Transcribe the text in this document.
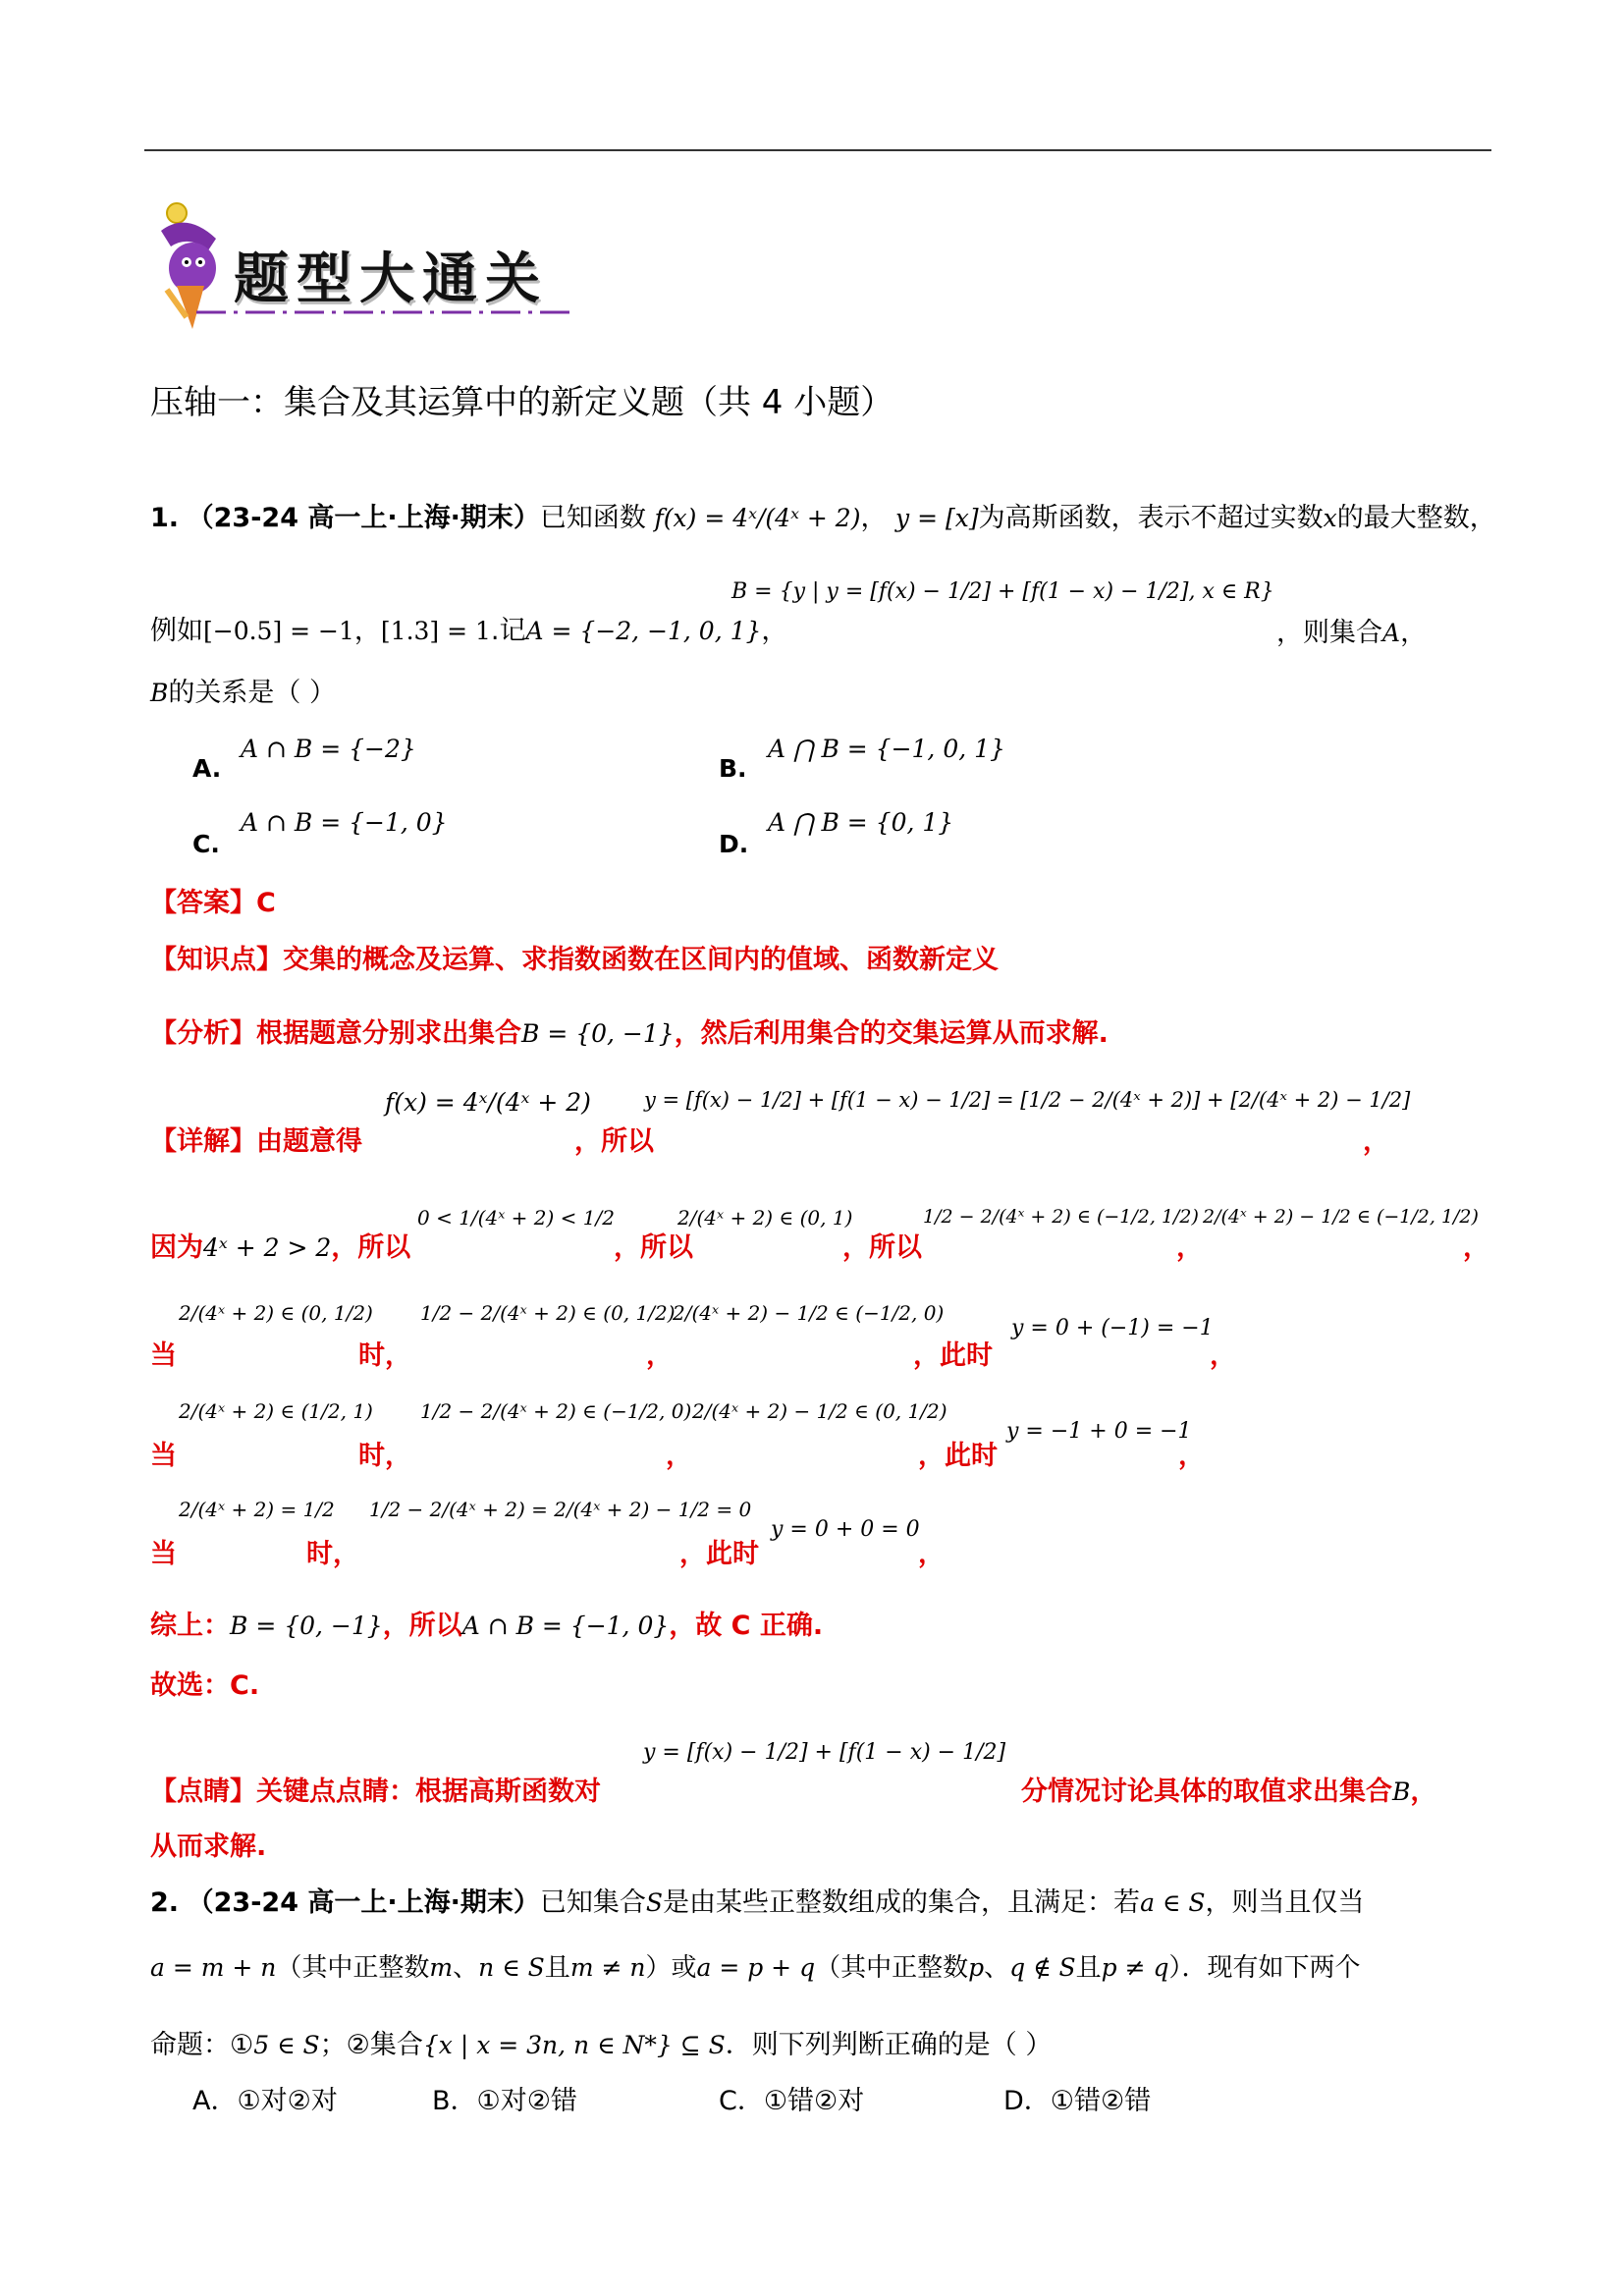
题型大通关
压轴一：集合及其运算中的新定义题（共 4 小题）
1. （23-24 高一上·上海·期末）已知函数 f(x) = 4ˣ/(4ˣ + 2)， y = [x]为高斯函数，表示不超过实数x的最大整数，
例如[−0.5] = −1，[1.3] = 1.记A = {−2, −1, 0, 1}，
B = {y | y = [f(x) − 1/2] + [f(1 − x) − 1/2], x ∈ R}
，则集合A，
B的关系是（ ）
A.
A ∩ B = {−2}
B.
A ⋂ B = {−1, 0, 1}
C.
A ∩ B = {−1, 0}
D.
A ⋂ B = {0, 1}
【答案】C
【知识点】交集的概念及运算、求指数函数在区间内的值域、函数新定义
【分析】根据题意分别求出集合B = {0, −1}，然后利用集合的交集运算从而求解.
【详解】由题意得
f(x) = 4ˣ/(4ˣ + 2)
，所以
y = [f(x) − 1/2] + [f(1 − x) − 1/2] = [1/2 − 2/(4ˣ + 2)] + [2/(4ˣ + 2) − 1/2]
，
因为4ˣ + 2 > 2，所以
0 < 1/(4ˣ + 2) < 1/2
，所以
2/(4ˣ + 2) ∈ (0, 1)
，所以
1/2 − 2/(4ˣ + 2) ∈ (−1/2, 1/2)
，
2/(4ˣ + 2) − 1/2 ∈ (−1/2, 1/2)
，
当
2/(4ˣ + 2) ∈ (0, 1/2)
时，
1/2 − 2/(4ˣ + 2) ∈ (0, 1/2)
，
2/(4ˣ + 2) − 1/2 ∈ (−1/2, 0)
，此时
y = 0 + (−1) = −1
，
当
2/(4ˣ + 2) ∈ (1/2, 1)
时，
1/2 − 2/(4ˣ + 2) ∈ (−1/2, 0)
，
2/(4ˣ + 2) − 1/2 ∈ (0, 1/2)
，此时
y = −1 + 0 = −1
，
当
2/(4ˣ + 2) = 1/2
时，
1/2 − 2/(4ˣ + 2) = 2/(4ˣ + 2) − 1/2 = 0
，此时
y = 0 + 0 = 0
，
综上：B = {0, −1}，所以A ∩ B = {−1, 0}，故 C 正确.
故选：C.
【点睛】关键点点睛：根据高斯函数对
y = [f(x) − 1/2] + [f(1 − x) − 1/2]
分情况讨论具体的取值求出集合B，
从而求解.
2. （23-24 高一上·上海·期末）已知集合S是由某些正整数组成的集合，且满足：若a ∈ S，则当且仅当
a = m + n（其中正整数m、n ∈ S且m ≠ n）或a = p + q（其中正整数p、q ∉ S且p ≠ q）．现有如下两个
命题：①5 ∈ S；②集合{x | x = 3n, n ∈ N*} ⊆ S．则下列判断正确的是（ ）
A．①对②对	B．①对②错	C．①错②对	D．①错②错
